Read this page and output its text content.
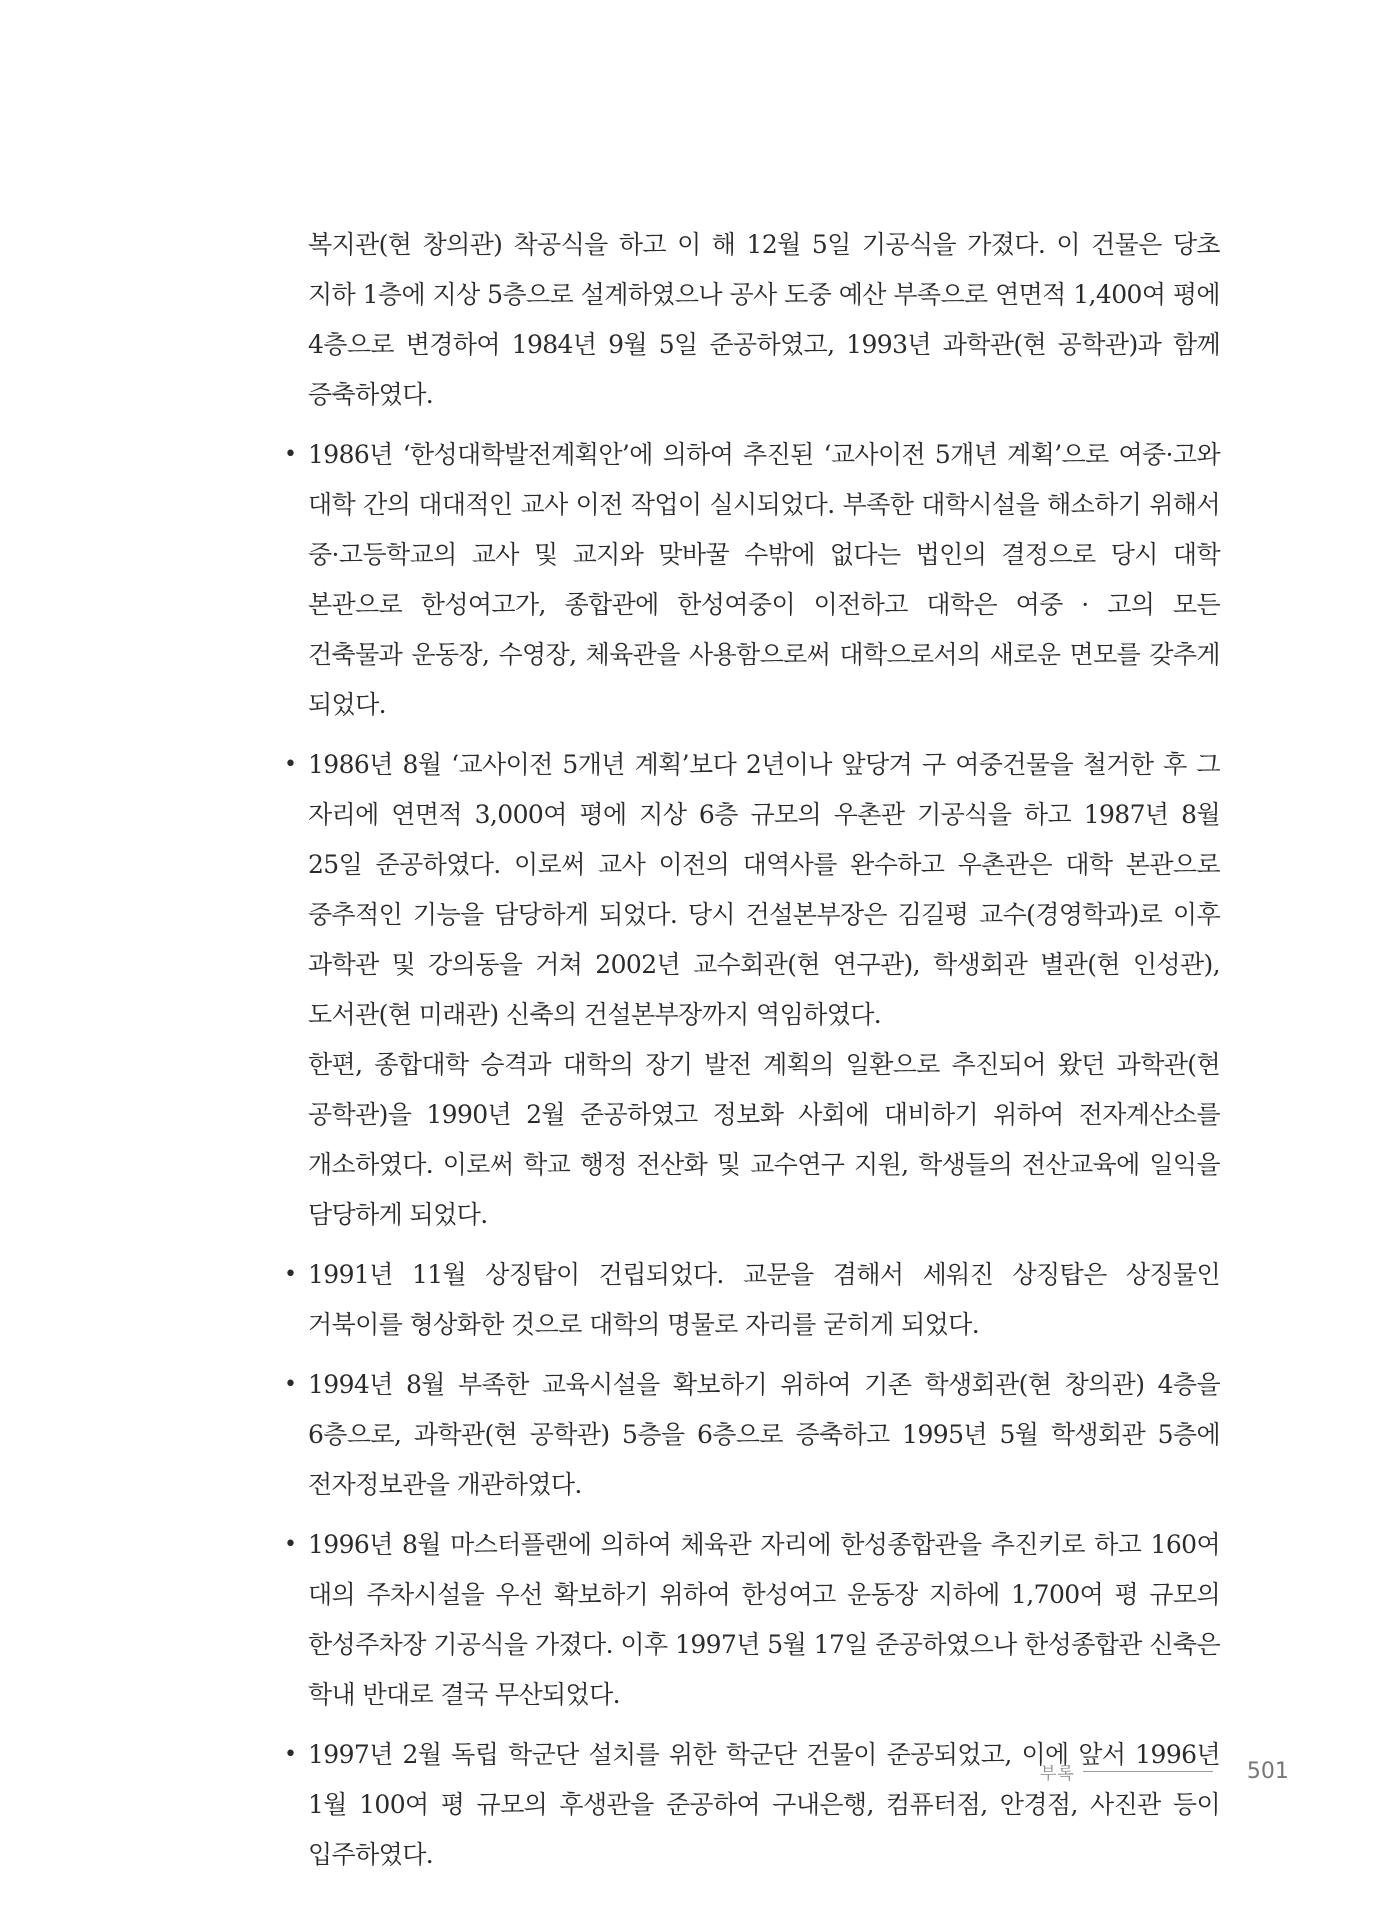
복지관(현 창의관) 착공식을 하고 이 해 12월 5일 기공식을 가졌다. 이 건물은 당초 지하 1층에 지상 5층으로 설계하였으나 공사 도중 예산 부족으로 연면적 1,400여 평에 4층으로 변경하여 1984년 9월 5일 준공하였고, 1993년 과학관(현 공학관)과 함께 증축하였다.

• 1986년 ‘한성대학발전계획안’에 의하여 추진된 ‘교사이전 5개년 계획’으로 여중·고와 대학 간의 대대적인 교사 이전 작업이 실시되었다. 부족한 대학시설을 해소하기 위해서 중·고등학교의 교사 및 교지와 맞바꿀 수밖에 없다는 법인의 결정으로 당시 대학 본관으로 한성여고가, 종합관에 한성여중이 이전하고 대학은 여중 · 고의 모든 건축물과 운동장, 수영장, 체육관을 사용함으로써 대학으로서의 새로운 면모를 갖추게 되었다.

• 1986년 8월 ‘교사이전 5개년 계획’보다 2년이나 앞당겨 구 여중건물을 철거한 후 그 자리에 연면적 3,000여 평에 지상 6층 규모의 우촌관 기공식을 하고 1987년 8월 25일 준공하였다. 이로써 교사 이전의 대역사를 완수하고 우촌관은 대학 본관으로 중추적인 기능을 담당하게 되었다. 당시 건설본부장은 김길평 교수(경영학과)로 이후 과학관 및 강의동을 거쳐 2002년 교수회관(현 연구관), 학생회관 별관(현 인성관), 도서관(현 미래관) 신축의 건설본부장까지 역임하였다.

한편, 종합대학 승격과 대학의 장기 발전 계획의 일환으로 추진되어 왔던 과학관(현 공학관)을 1990년 2월 준공하였고 정보화 사회에 대비하기 위하여 전자계산소를 개소하였다. 이로써 학교 행정 전산화 및 교수연구 지원, 학생들의 전산교육에 일익을 담당하게 되었다.

• 1991년 11월 상징탑이 건립되었다. 교문을 겸해서 세워진 상징탑은 상징물인 거북이를 형상화한 것으로 대학의 명물로 자리를 굳히게 되었다.

• 1994년 8월 부족한 교육시설을 확보하기 위하여 기존 학생회관(현 창의관) 4층을 6층으로, 과학관(현 공학관) 5층을 6층으로 증축하고 1995년 5월 학생회관 5층에 전자정보관을 개관하였다.

• 1996년 8월 마스터플랜에 의하여 체육관 자리에 한성종합관을 추진키로 하고 160여 대의 주차시설을 우선 확보하기 위하여 한성여고 운동장 지하에 1,700여 평 규모의 한성주차장 기공식을 가졌다. 이후 1997년 5월 17일 준공하였으나 한성종합관 신축은 학내 반대로 결국 무산되었다.

• 1997년 2월 독립 학군단 설치를 위한 학군단 건물이 준공되었고, 이에 앞서 1996년 1월 100여 평 규모의 후생관을 준공하여 구내은행, 컴퓨터점, 안경점, 사진관 등이 입주하였다.

부록	501
